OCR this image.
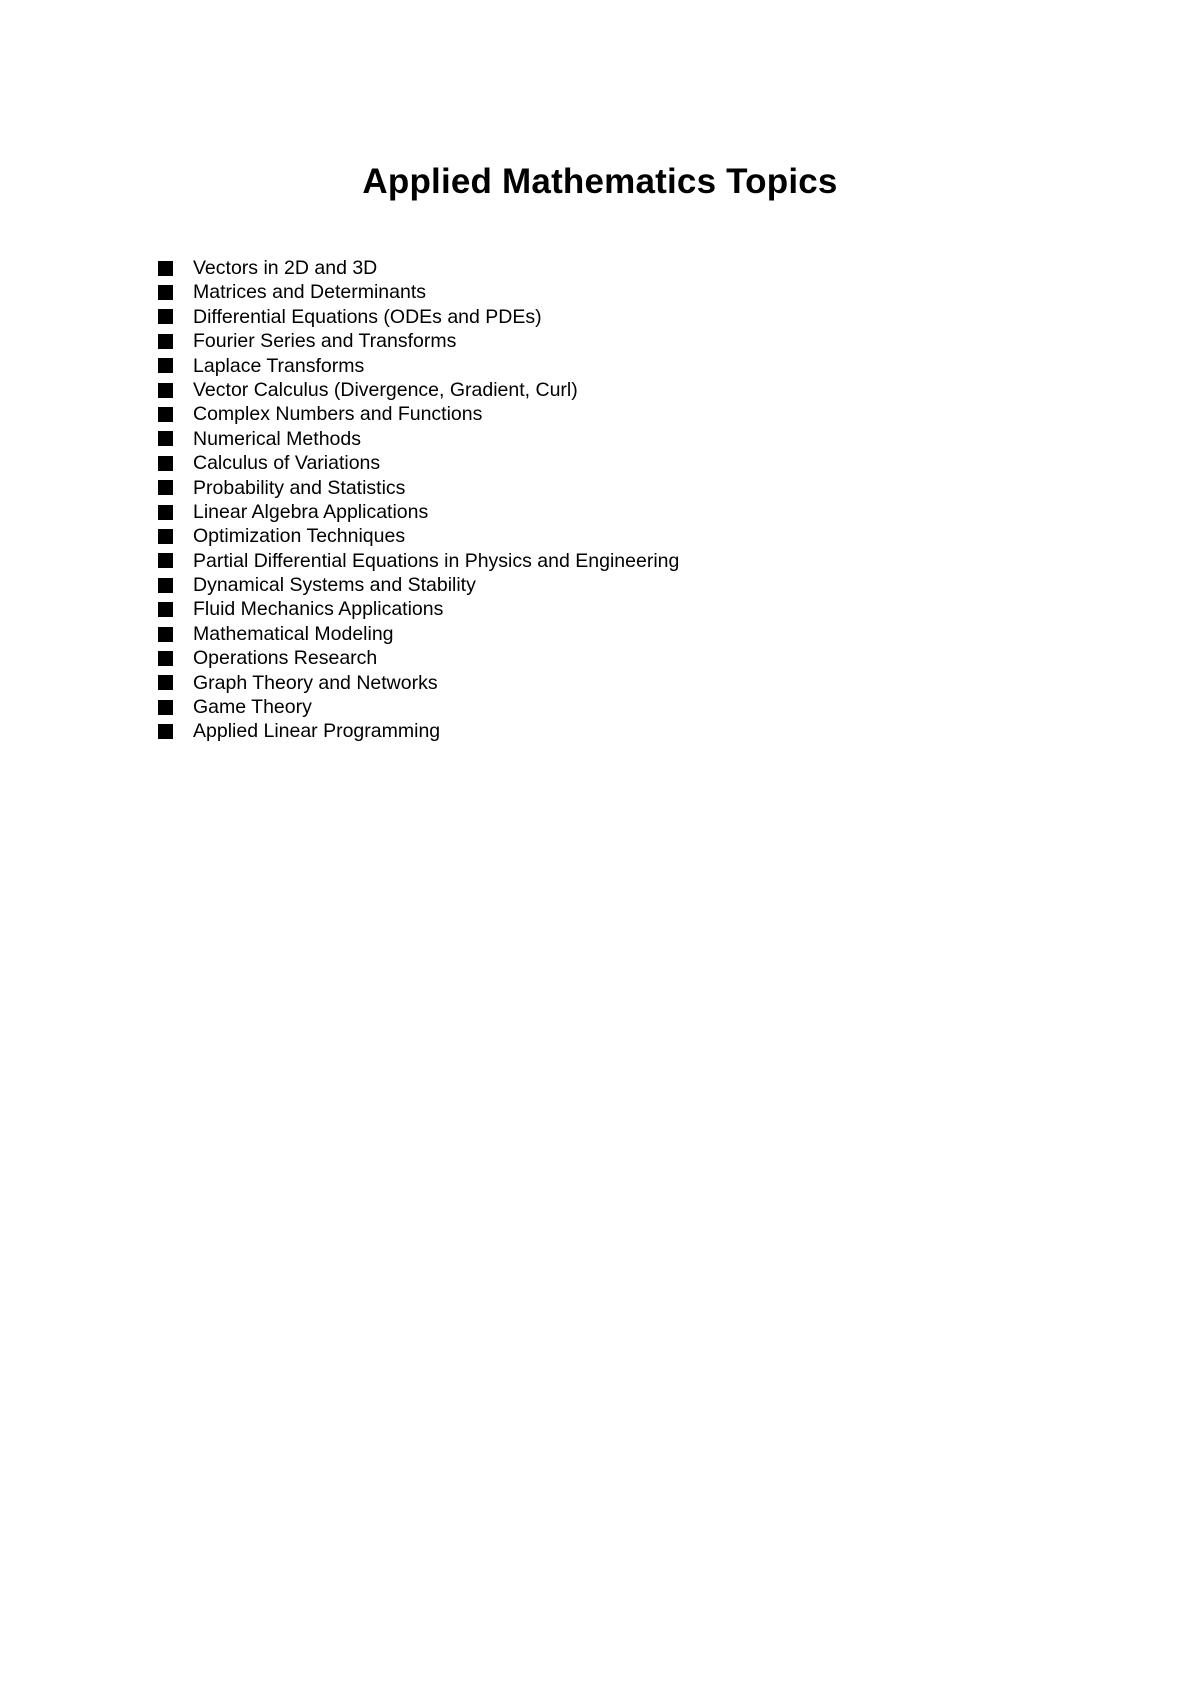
Applied Mathematics Topics
Vectors in 2D and 3D
Matrices and Determinants
Differential Equations (ODEs and PDEs)
Fourier Series and Transforms
Laplace Transforms
Vector Calculus (Divergence, Gradient, Curl)
Complex Numbers and Functions
Numerical Methods
Calculus of Variations
Probability and Statistics
Linear Algebra Applications
Optimization Techniques
Partial Differential Equations in Physics and Engineering
Dynamical Systems and Stability
Fluid Mechanics Applications
Mathematical Modeling
Operations Research
Graph Theory and Networks
Game Theory
Applied Linear Programming
